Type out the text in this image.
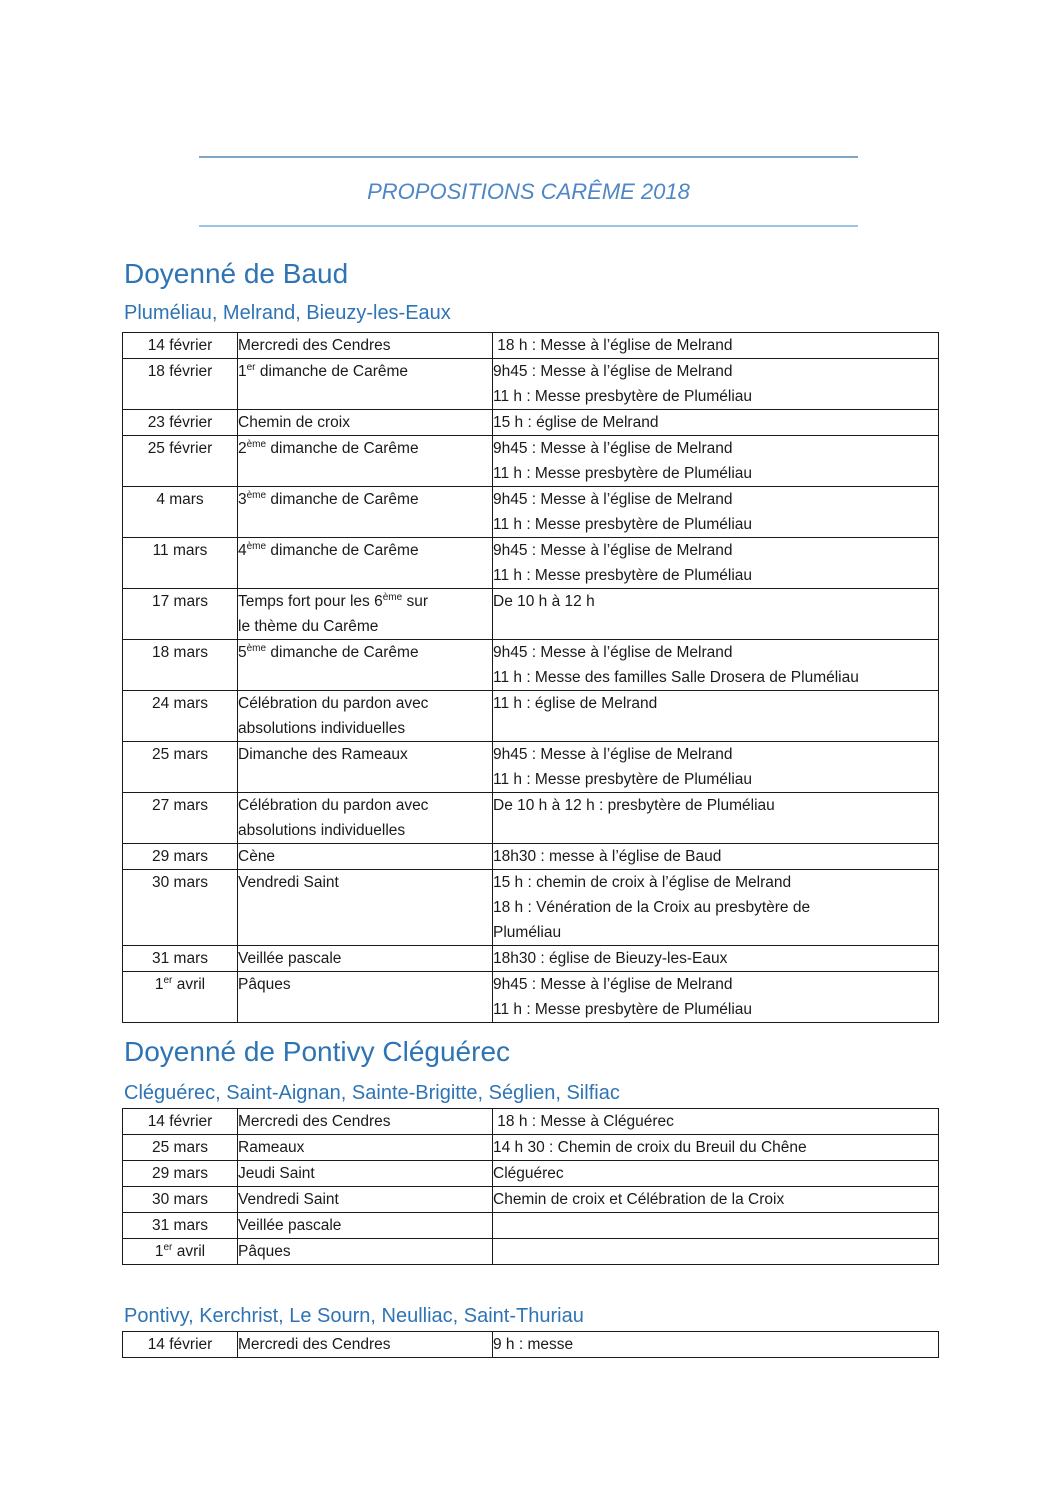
PROPOSITIONS CARÊME 2018
Doyenné de Baud
Pluméliau, Melrand, Bieuzy-les-Eaux
14 février	Mercredi des Cendres	18 h : Messe à l’église de Melrand

18 février	1er dimanche de Carême	9h45 : Messe à l’église de Melrand
11 h : Messe presbytère de Pluméliau

23 février	Chemin de croix	15 h : église de Melrand

25 février	2ème dimanche de Carême	9h45 : Messe à l’église de Melrand
11 h : Messe presbytère de Pluméliau

4 mars	3ème dimanche de Carême	9h45 : Messe à l’église de Melrand
11 h : Messe presbytère de Pluméliau

11 mars	4ème dimanche de Carême	9h45 : Messe à l’église de Melrand
11 h : Messe presbytère de Pluméliau

17 mars	Temps fort pour les 6ème sur
le thème du Carême	De 10 h à 12 h

18 mars	5ème dimanche de Carême	9h45 : Messe à l’église de Melrand
11 h : Messe des familles Salle Drosera de Pluméliau

24 mars	Célébration du pardon avec
absolutions individuelles	11 h : église de Melrand

25 mars	Dimanche des Rameaux	9h45 : Messe à l’église de Melrand
11 h : Messe presbytère de Pluméliau

27 mars	Célébration du pardon avec
absolutions individuelles	De 10 h à 12 h : presbytère de Pluméliau

29 mars	Cène	18h30 : messe à l’église de Baud

30 mars	Vendredi Saint	15 h : chemin de croix à l’église de Melrand
18 h : Vénération de la Croix au presbytère de
Pluméliau

31 mars	Veillée pascale	18h30 : église de Bieuzy-les-Eaux

1er avril	Pâques	9h45 : Messe à l’église de Melrand
11 h : Messe presbytère de Pluméliau
Doyenné de Pontivy Cléguérec
Cléguérec, Saint-Aignan, Sainte-Brigitte, Séglien, Silfiac
14 février	Mercredi des Cendres	18 h : Messe à Cléguérec

25 mars	Rameaux	14 h 30 : Chemin de croix du Breuil du Chêne

29 mars	Jeudi Saint	Cléguérec

30 mars	Vendredi Saint	Chemin de croix et Célébration de la Croix

31 mars	Veillée pascale	

1er avril	Pâques	

Pontivy, Kerchrist, Le Sourn, Neulliac, Saint-Thuriau
14 février	Mercredi des Cendres	9 h : messe
